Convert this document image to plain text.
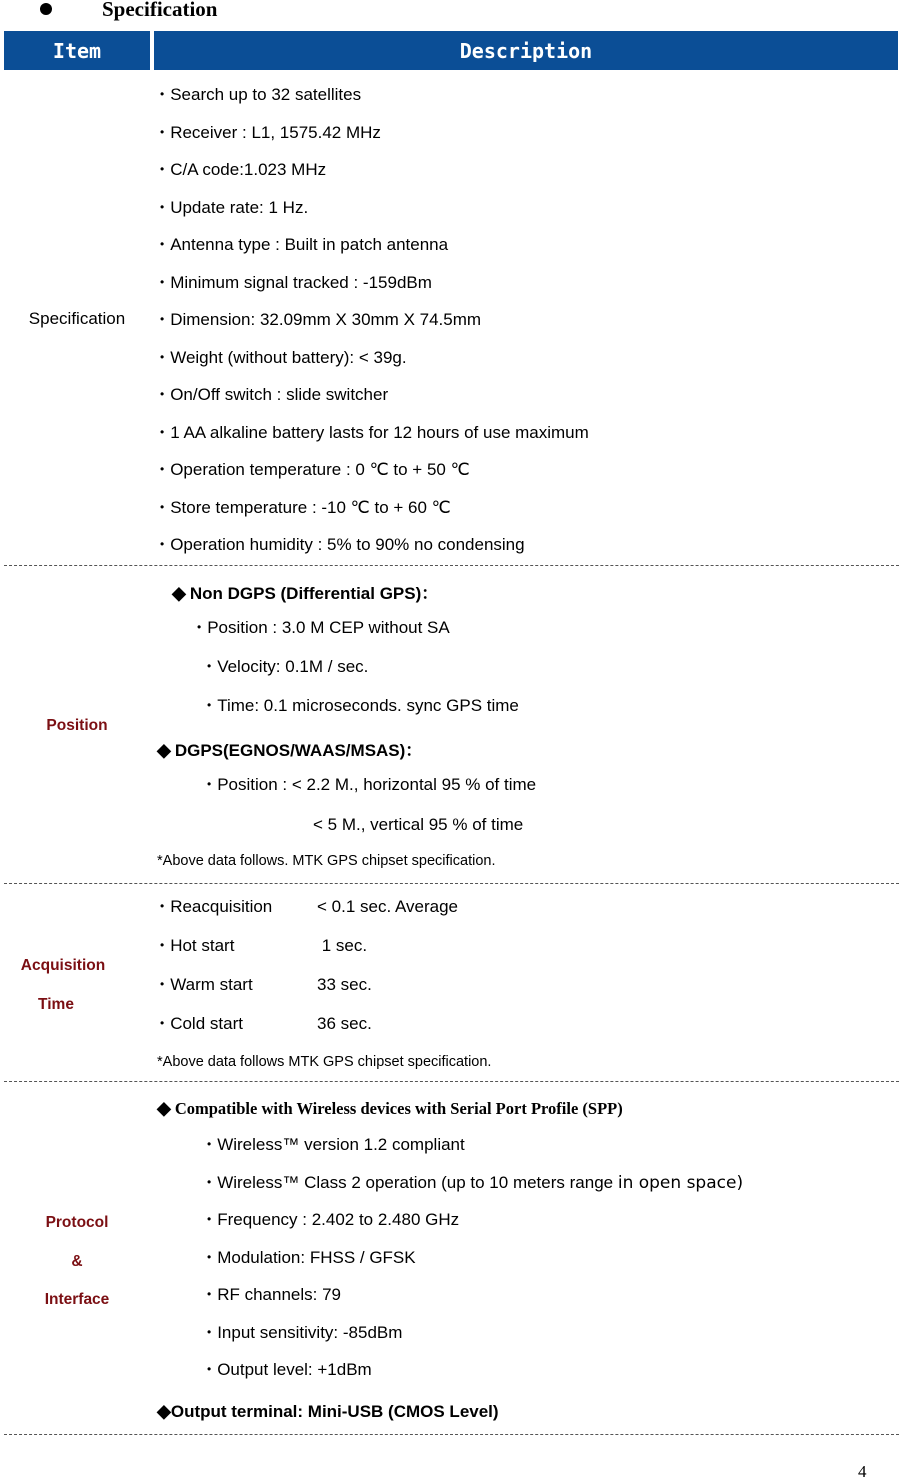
Specification
Item	Description
Specification
• Search up to 32 satellites
• Receiver : L1, 1575.42 MHz
• C/A code:1.023 MHz
• Update rate: 1 Hz.
• Antenna type : Built in patch antenna
• Minimum signal tracked : -159dBm
• Dimension: 32.09mm X 30mm X 74.5mm
• Weight (without battery): < 39g.
• On/Off switch : slide switcher
• 1 AA alkaline battery lasts for 12 hours of use maximum
• Operation temperature : 0 ℃ to + 50 ℃
• Store temperature : -10 ℃ to + 60 ℃
• Operation humidity : 5% to 90% no condensing
Position
◆ Non DGPS (Differential GPS)：
• Position : 3.0 M CEP without SA
• Velocity: 0.1M / sec.
• Time: 0.1 microseconds. sync GPS time
◆ DGPS(EGNOS/WAAS/MSAS)：
• Position : < 2.2 M., horizontal 95 % of time
< 5 M., vertical 95 % of time
*Above data follows. MTK GPS chipset specification.
Acquisition
Time
• Reacquisition	< 0.1 sec. Average
• Hot start	1 sec.
• Warm start	33 sec.
• Cold start	36 sec.
*Above data follows MTK GPS chipset specification.
Protocol
&
Interface
◆ Compatible with Wireless devices with Serial Port Profile (SPP)
• Wireless™ version 1.2 compliant
• Wireless™ Class 2 operation (up to 10 meters range in open space)
• Frequency : 2.402 to 2.480 GHz
• Modulation: FHSS / GFSK
• RF channels: 79
• Input sensitivity: -85dBm
• Output level: +1dBm
◆Output terminal: Mini-USB (CMOS Level)
4
